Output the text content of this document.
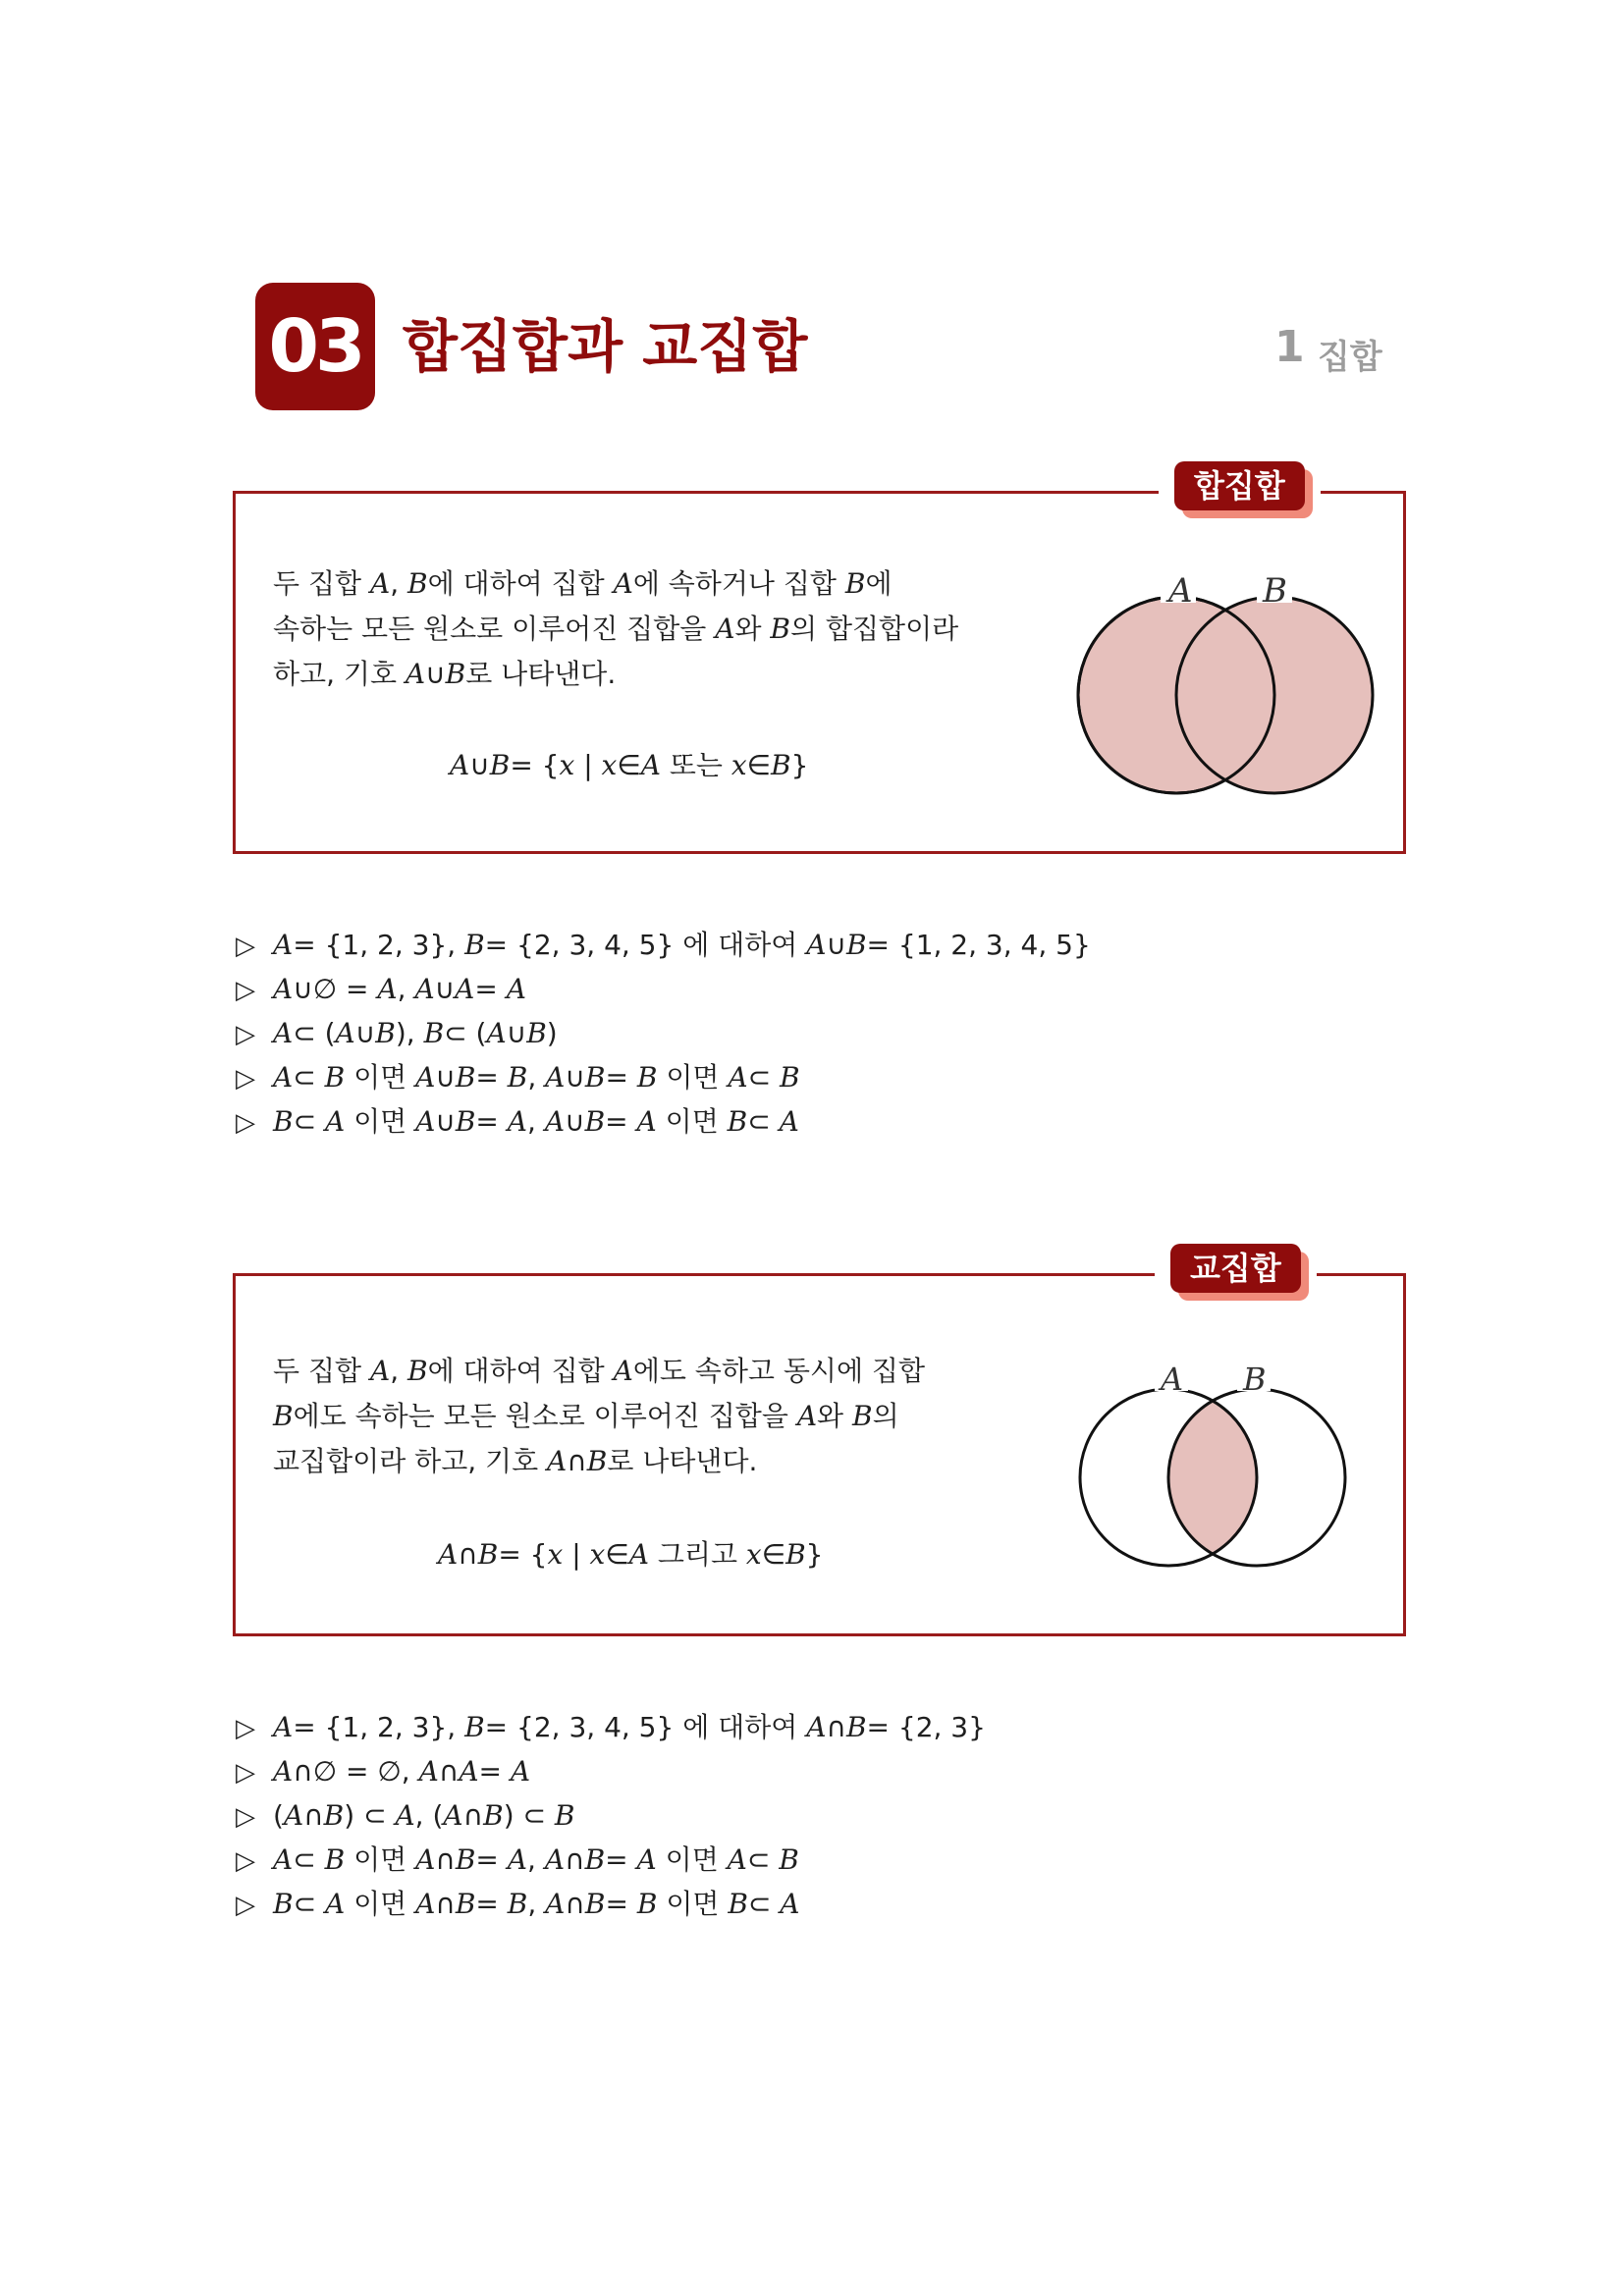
03 합집합과 교집합	1 집합
합집합
두 집합 A, B에 대하여 집합 A에 속하거나 집합 B에
속하는 모든 원소로 이루어진 집합을 A와 B의 합집합이라
하고, 기호 A∪B로 나타낸다.
A∪B= {x | x∈A 또는 x∈B}
A B
▷ A= {1, 2, 3}, B= {2, 3, 4, 5} 에 대하여 A∪B= {1, 2, 3, 4, 5}
▷ A∪∅ = A, A∪A= A
▷ A⊂ (A∪B), B⊂ (A∪B)
▷ A⊂ B 이면 A∪B= B, A∪B= B 이면 A⊂ B
▷ B⊂ A 이면 A∪B= A, A∪B= A 이면 B⊂ A
교집합
두 집합 A, B에 대하여 집합 A에도 속하고 동시에 집합
B에도 속하는 모든 원소로 이루어진 집합을 A와 B의
교집합이라 하고, 기호 A∩B로 나타낸다.
A∩B= {x | x∈A 그리고 x∈B}
A B
▷ A= {1, 2, 3}, B= {2, 3, 4, 5} 에 대하여 A∩B= {2, 3}
▷ A∩∅ = ∅, A∩A= A
▷ (A∩B) ⊂ A, (A∩B) ⊂ B
▷ A⊂ B 이면 A∩B= A, A∩B= A 이면 A⊂ B
▷ B⊂ A 이면 A∩B= B, A∩B= B 이면 B⊂ A
